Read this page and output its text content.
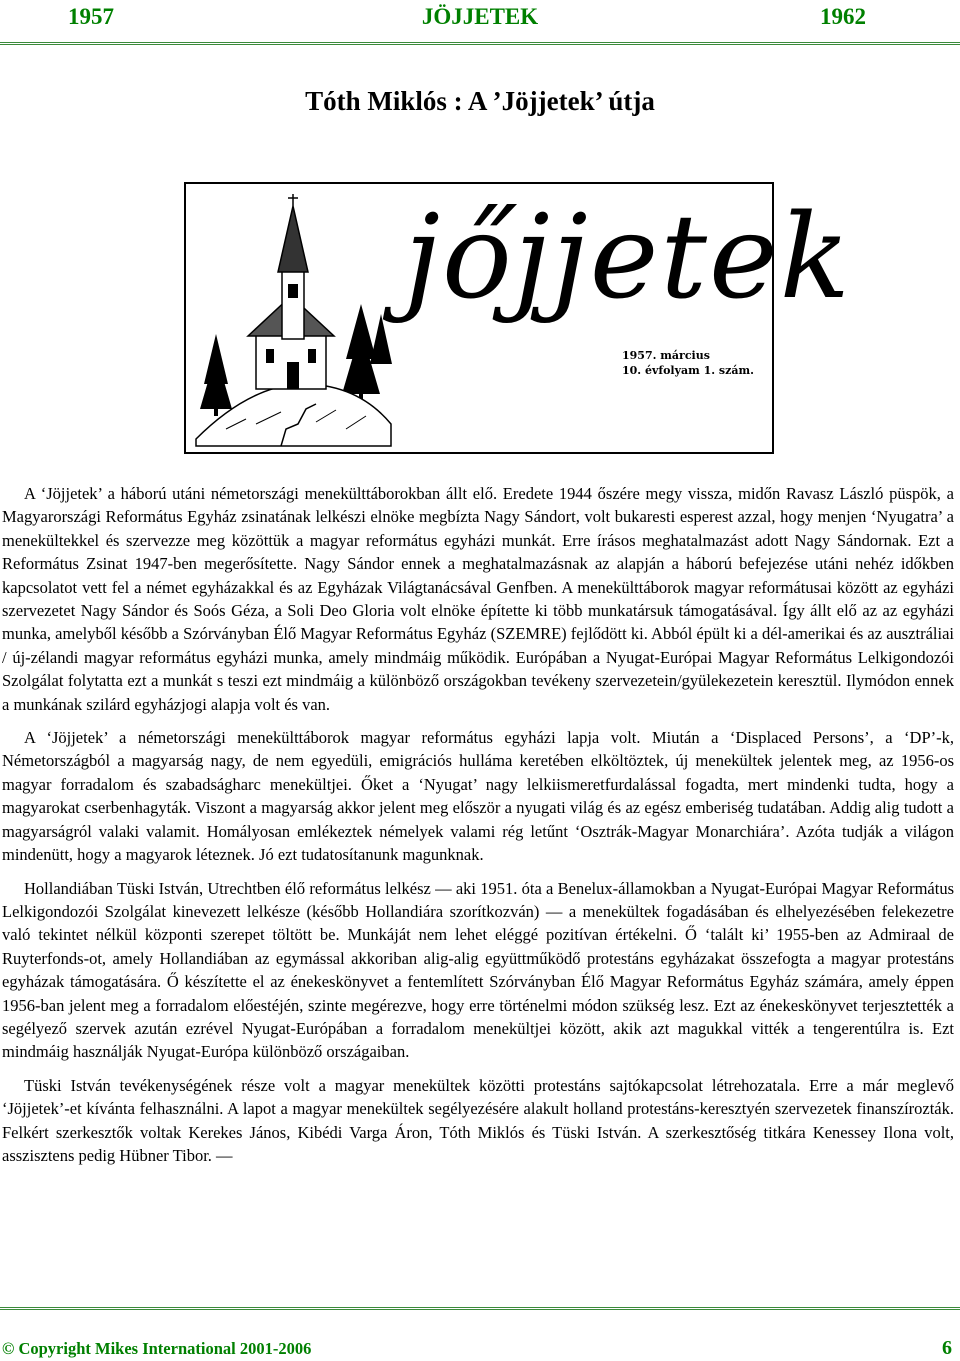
1957	JÖJJETEK	1962
Tóth Miklós : A ’Jöjjetek’ útja
jőjjetek
1957. március
10. évfolyam 1. szám.

A ‘Jöjjetek’ a háború utáni németországi menekülttáborokban állt elő. Eredete 1944 őszére megy vissza, midőn Ravasz László püspök, a Magyarországi Református Egyház zsinatának lelkészi elnöke megbízta Nagy Sándort, volt bukaresti esperest azzal, hogy menjen ‘Nyugatra’ a menekültekkel és szervezze meg közöttük a magyar református egyházi munkát. Erre írásos meghatalmazást adott Nagy Sándornak. Ezt a Református Zsinat 1947-ben megerősítette. Nagy Sándor ennek a meghatalmazásnak az alapján a háború befejezése utáni nehéz időkben kapcsolatot vett fel a német egyházakkal és az Egyházak Világtanácsával Genfben. A menekülttáborok magyar reformátusai között az egyházi szervezetet Nagy Sándor és Soós Géza, a Soli Deo Gloria volt elnöke építette ki több munkatársuk támogatásával. Így állt elő az az egyházi munka, amelyből később a Szórványban Élő Magyar Református Egyház (SZEMRE) fejlődött ki. Abból épült ki a dél-amerikai és az ausztráliai / új-zélandi magyar református egyházi munka, amely mindmáig működik. Európában a Nyugat-Európai Magyar Református Lelkigondozói Szolgálat folytatta ezt a munkát s teszi ezt mindmáig a különböző országokban tevékeny szervezetein/gyülekezetein keresztül. Ilymódon ennek a munkának szilárd egyházjogi alapja volt és van.

A ‘Jöjjetek’ a németországi menekülttáborok magyar református egyházi lapja volt. Miután a ‘Displaced Persons’, a ‘DP’-k, Németországból a magyarság nagy, de nem egyedüli, emigrációs hulláma keretében elköltöztek, új menekültek jelentek meg, az 1956-os magyar forradalom és szabadságharc menekültjei. Őket a ‘Nyugat’ nagy lelkiismeretfurdalással fogadta, mert mindenki tudta, hogy a magyarokat cserbenhagyták. Viszont a magyarság akkor jelent meg először a nyugati világ és az egész emberiség tudatában. Addig alig tudott a magyarságról valaki valamit. Homályosan emlékeztek némelyek valami rég letűnt ‘Osztrák-Magyar Monarchiára’. Azóta tudják a világon mindenütt, hogy a magyarok léteznek. Jó ezt tudatosítanunk magunknak.

Hollandiában Tüski István, Utrechtben élő református lelkész — aki 1951. óta a Benelux-államokban a Nyugat-Európai Magyar Református Lelkigondozói Szolgálat kinevezett lelkésze (később Hollandiára szorítkozván) — a menekültek fogadásában és elhelyezésében felekezetre való tekintet nélkül központi szerepet töltött be. Munkáját nem lehet eléggé pozitívan értékelni. Ő ‘talált ki’ 1955-ben az Admiraal de Ruyterfonds-ot, amely Hollandiában az egymással akkoriban alig-alig együttműködő protestáns egyházakat összefogta a magyar protestáns egyházak támogatására. Ő készítette el az énekeskönyvet a fentemlített Szórványban Élő Magyar Református Egyház számára, amely éppen 1956-ban jelent meg a forradalom előestéjén, szinte megérezve, hogy erre történelmi módon szükség lesz. Ezt az énekeskönyvet terjesztették a segélyező szervek azután ezrével Nyugat-Európában a forradalom menekültjei között, akik azt magukkal vitték a tengerentúlra is. Ezt mindmáig használják Nyugat-Európa különböző országaiban.

Tüski István tevékenységének része volt a magyar menekültek közötti protestáns sajtókapcsolat létrehozatala. Erre a már meglevő ‘Jöjjetek’-et kívánta felhasználni. A lapot a magyar menekültek segélyezésére alakult holland protestáns-keresztyén szervezetek finanszírozták. Felkért szerkesztők voltak Kerekes János, Kibédi Varga Áron, Tóth Miklós és Tüski István. A szerkesztőség titkára Kenessey Ilona volt, asszisztens pedig Hübner Tibor. —

© Copyright Mikes International 2001-2006	6
